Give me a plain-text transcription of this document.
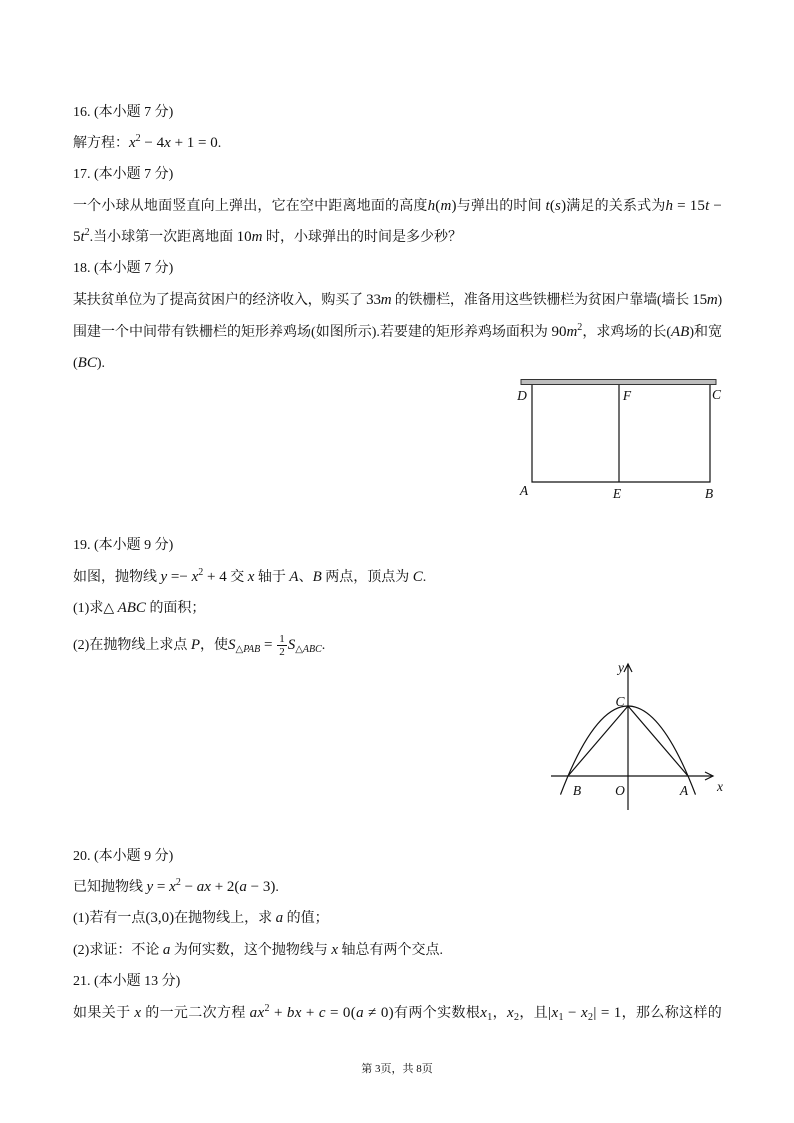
16. (本小题 7 分)
解方程：$x^2 - 4x + 1 = 0$.
17. (本小题 7 分)
一个小球从地面竖直向上弹出，它在空中距离地面的高度h(m)与弹出的时间 t(s)满足的关系式为h = 15t −
$5t^2$.当小球第一次距离地面 10m 时，小球弹出的时间是多少秒？
18. (本小题 7 分)
某扶贫单位为了提高贫困户的经济收入，购买了 33m 的铁栅栏，准备用这些铁栅栏为贫困户靠墙(墙长 15m)
围建一个中间带有铁栅栏的矩形养鸡场(如图所示).若要建的矩形养鸡场面积为 $90m^2$，求鸡场的长(AB)和宽
(BC).
D	F	C
A	E	B
19. (本小题 9 分)
如图，抛物线 $y =- x^2 + 4$ 交 x 轴于 A、B 两点，顶点为 C.
(1)求△ ABC 的面积；
(2)在抛物线上求点 P，使$S_{\triangle PAB} = \frac{1}{2} S_{\triangle ABC}$.
y
C
x
B	O	A
20. (本小题 9 分)
已知抛物线 $y = x^2$ − ax + 2(a − 3).
(1)若有一点(3,0)在抛物线上，求 a 的值；
(2)求证：不论 a 为何实数，这个抛物线与 x 轴总有两个交点.
21. (本小题 13 分)
如果关于 x 的一元二次方程 $ax^2$ + bx + c = 0(a ≠ 0)有两个实数根$x_1$，$x_2$，且$|x_1 - x_2| = 1$，那么称这样的
第 3页，共 8页
